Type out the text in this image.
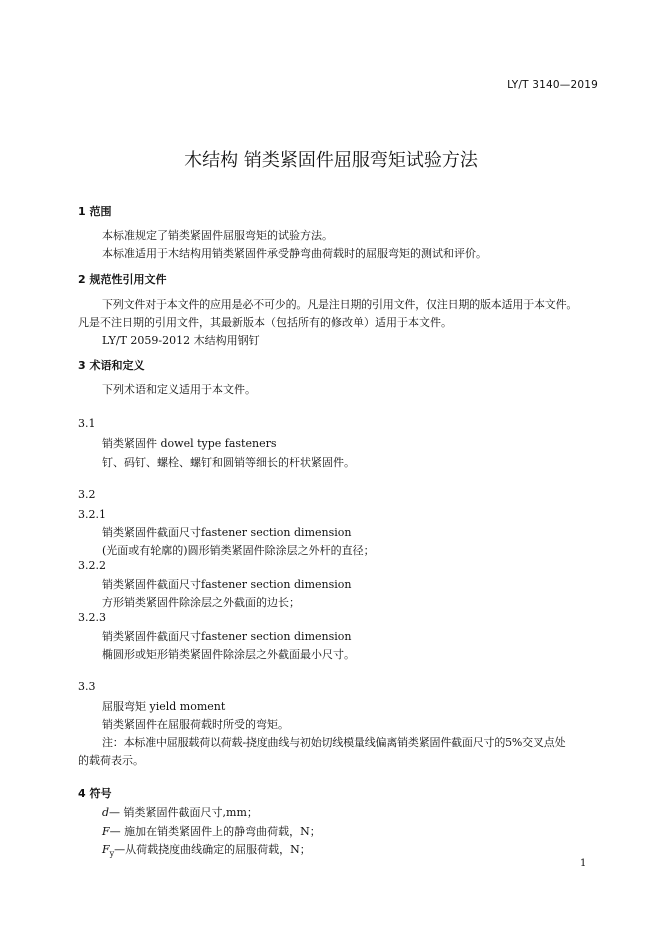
LY/T 3140—2019
木结构 销类紧固件屈服弯矩试验方法
1 范围
本标准规定了销类紧固件屈服弯矩的试验方法。
本标准适用于木结构用销类紧固件承受静弯曲荷载时的屈服弯矩的测试和评价。
2 规范性引用文件
下列文件对于本文件的应用是必不可少的。凡是注日期的引用文件，仅注日期的版本适用于本文件。
凡是不注日期的引用文件，其最新版本（包括所有的修改单）适用于本文件。
LY/T 2059-2012 木结构用钢钉
3 术语和定义
下列术语和定义适用于本文件。
3.1
销类紧固件 dowel type fasteners
钉、码钉、螺栓、螺钉和圆销等细长的杆状紧固件。
3.2
3.2.1
销类紧固件截面尺寸fastener section dimension
(光面或有轮廓的)圆形销类紧固件除涂层之外杆的直径；
3.2.2
销类紧固件截面尺寸fastener section dimension
方形销类紧固件除涂层之外截面的边长；
3.2.3
销类紧固件截面尺寸fastener section dimension
椭圆形或矩形销类紧固件除涂层之外截面最小尺寸。
3.3
屈服弯矩 yield moment
销类紧固件在屈服荷载时所受的弯矩。
注：本标准中屈服载荷以荷载-挠度曲线与初始切线模量线偏离销类紧固件截面尺寸的5%交叉点处
的载荷表示。
4 符号
d— 销类紧固件截面尺寸,mm；
F— 施加在销类紧固件上的静弯曲荷载，N；
$F_y—$从荷载挠度曲线确定的屈服荷载，N；
1
